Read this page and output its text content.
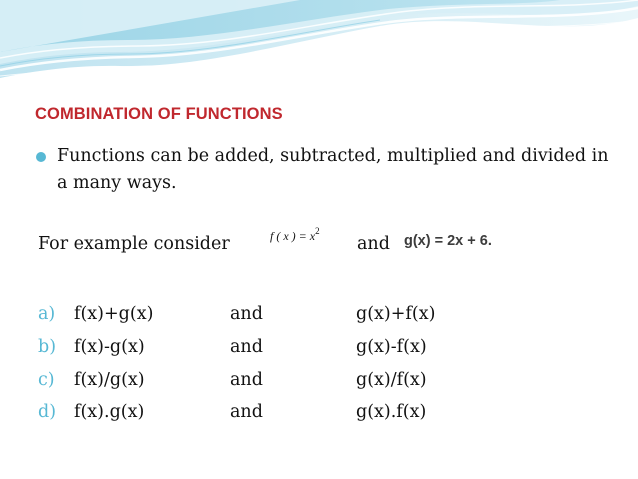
COMBINATION OF FUNCTIONS
Functions can be added, subtracted, multiplied and divided in a many ways.
For example consider	f ( x ) = $x^2$
and g(x) = 2x + 6.
a) f(x)+g(x)	and	g(x)+f(x)
b) f(x)-g(x)	and	g(x)-f(x)
c) f(x)/g(x)	and	g(x)/f(x)
d) f(x).g(x)	and	g(x).f(x)
